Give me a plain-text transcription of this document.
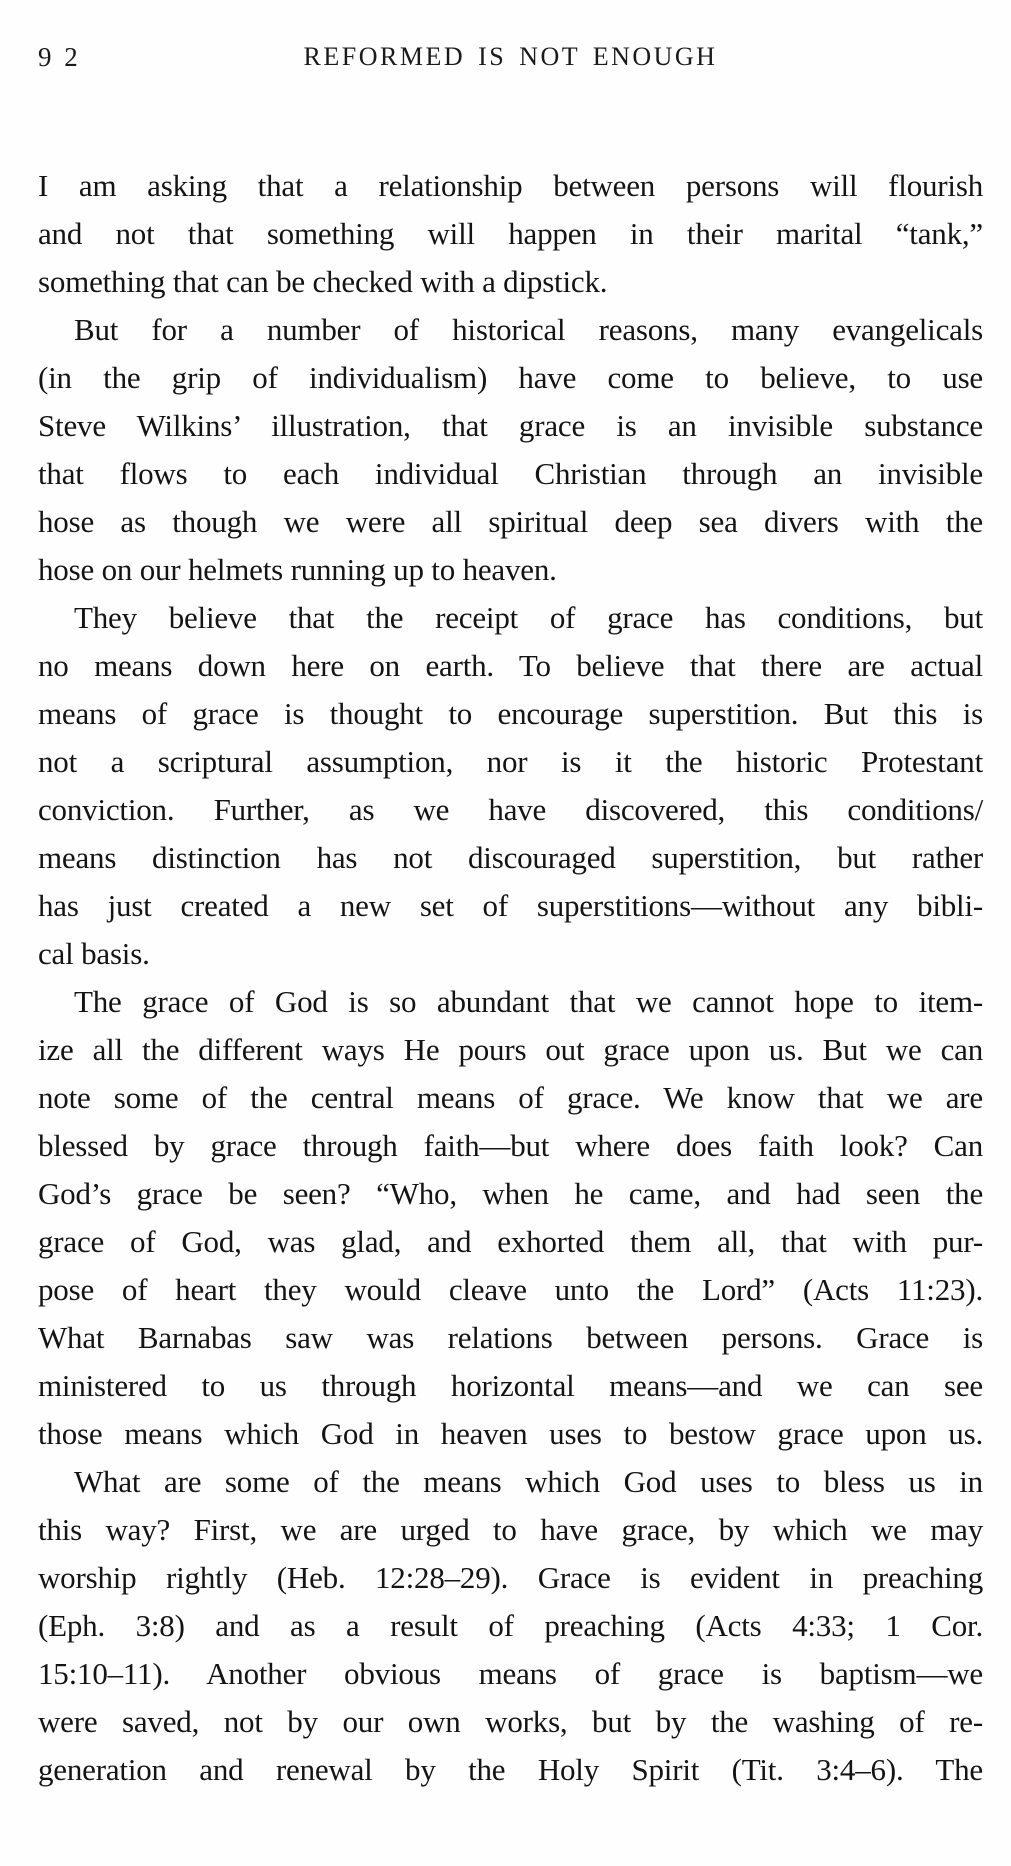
9 2	REFORMED IS NOT ENOUGH
I am asking that a relationship between persons will flourish
and not that something will happen in their marital “tank,”
something that can be checked with a dipstick.
But for a number of historical reasons, many evangelicals
(in the grip of individualism) have come to believe, to use
Steve Wilkins’ illustration, that grace is an invisible substance
that flows to each individual Christian through an invisible
hose as though we were all spiritual deep sea divers with the
hose on our helmets running up to heaven.
They believe that the receipt of grace has conditions, but
no means down here on earth. To believe that there are actual
means of grace is thought to encourage superstition. But this is
not a scriptural assumption, nor is it the historic Protestant
conviction. Further, as we have discovered, this conditions/
means distinction has not discouraged superstition, but rather
has just created a new set of superstitions—without any bibli-
cal basis.
The grace of God is so abundant that we cannot hope to item-
ize all the different ways He pours out grace upon us. But we can
note some of the central means of grace. We know that we are
blessed by grace through faith—but where does faith look? Can
God’s grace be seen? “Who, when he came, and had seen the
grace of God, was glad, and exhorted them all, that with pur-
pose of heart they would cleave unto the Lord” (Acts 11:23).
What Barnabas saw was relations between persons. Grace is
ministered to us through horizontal means—and we can see
those means which God in heaven uses to bestow grace upon us.
What are some of the means which God uses to bless us in
this way? First, we are urged to have grace, by which we may
worship rightly (Heb. 12:28–29). Grace is evident in preaching
(Eph. 3:8) and as a result of preaching (Acts 4:33; 1 Cor.
15:10–11). Another obvious means of grace is baptism—we
were saved, not by our own works, but by the washing of re-
generation and renewal by the Holy Spirit (Tit. 3:4–6). The
